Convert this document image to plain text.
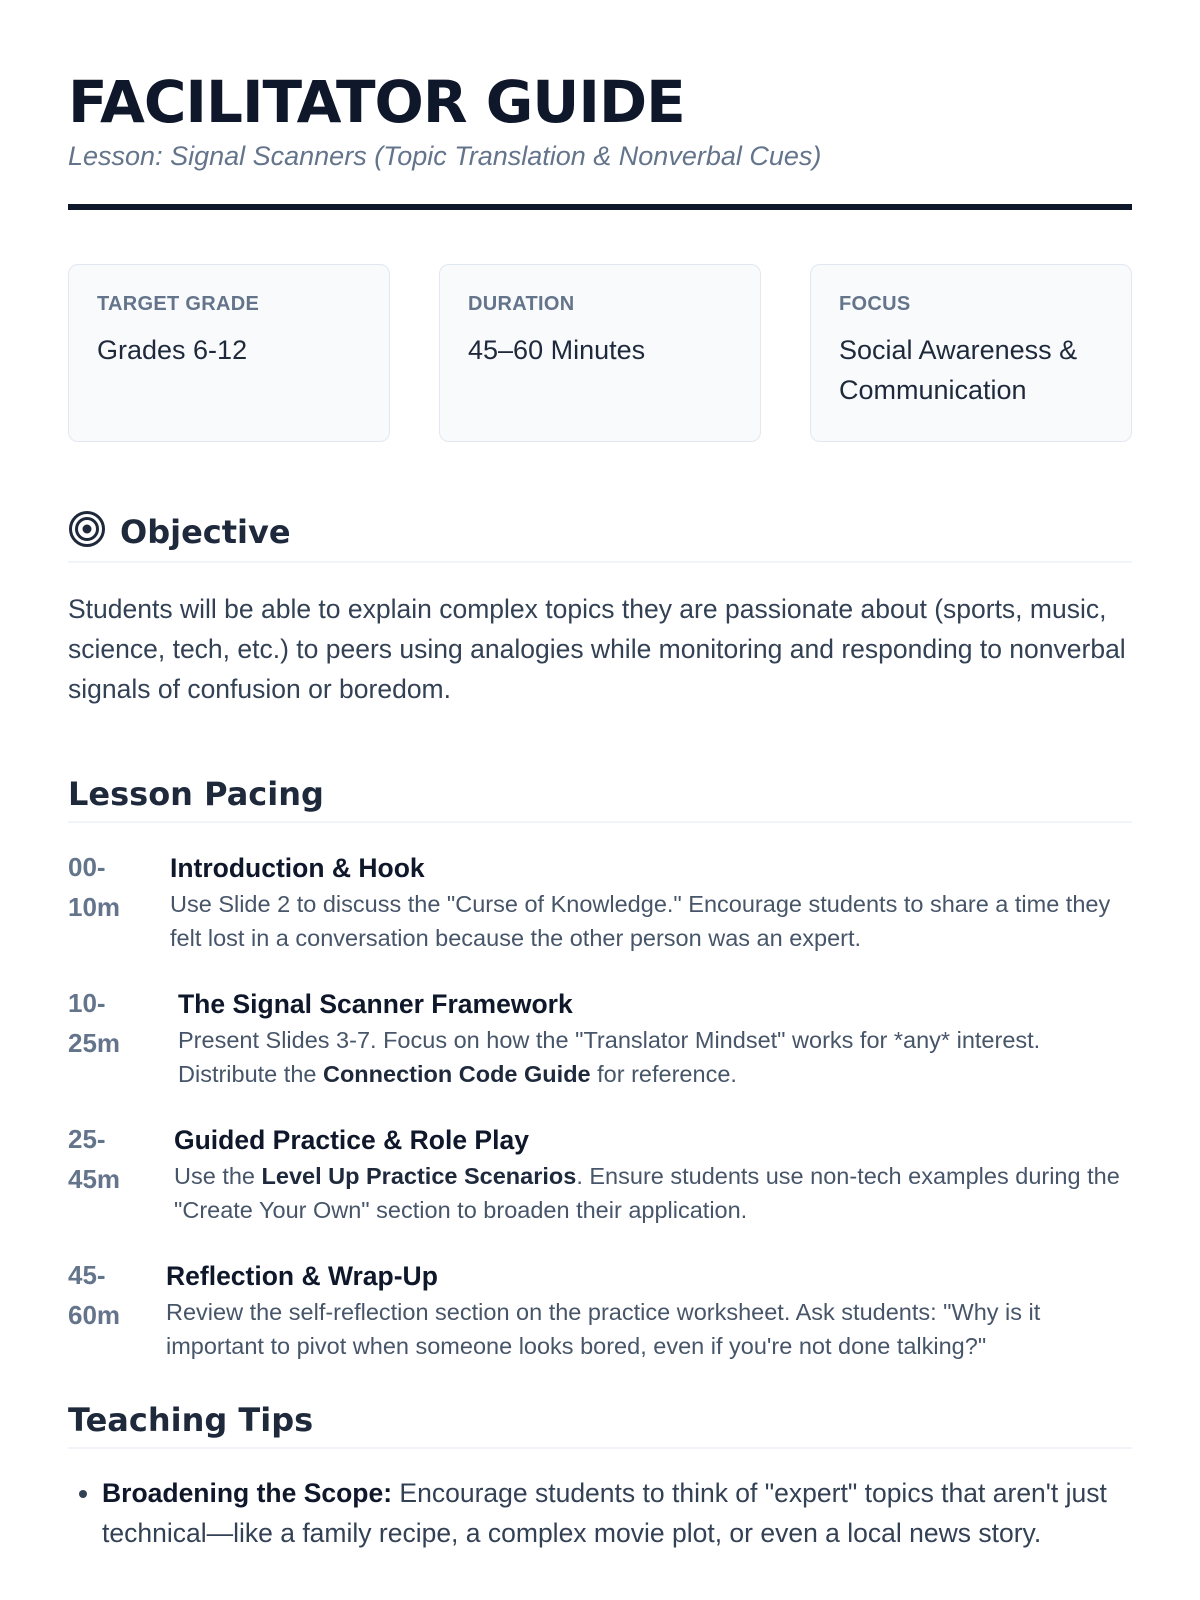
FACILITATOR GUIDE
Lesson: Signal Scanners (Topic Translation & Nonverbal Cues)
TARGET GRADE
Grades 6-12
DURATION
45–60 Minutes
FOCUS
Social Awareness & Communication
Objective
Students will be able to explain complex topics they are passionate about (sports, music, science, tech, etc.) to peers using analogies while monitoring and responding to nonverbal signals of confusion or boredom.
Lesson Pacing
00-
10m
Introduction & Hook
Use Slide 2 to discuss the "Curse of Knowledge." Encourage students to share a time they felt lost in a conversation because the other person was an expert.
10-
25m
The Signal Scanner Framework
Present Slides 3-7. Focus on how the "Translator Mindset" works for *any* interest. Distribute the Connection Code Guide for reference.
25-
45m
Guided Practice & Role Play
Use the Level Up Practice Scenarios. Ensure students use non-tech examples during the "Create Your Own" section to broaden their application.
45-
60m
Reflection & Wrap-Up
Review the self-reflection section on the practice worksheet. Ask students: "Why is it important to pivot when someone looks bored, even if you're not done talking?"
Teaching Tips
• Broadening the Scope: Encourage students to think of "expert" topics that aren't just technical—like a family recipe, a complex movie plot, or even a local news story.
